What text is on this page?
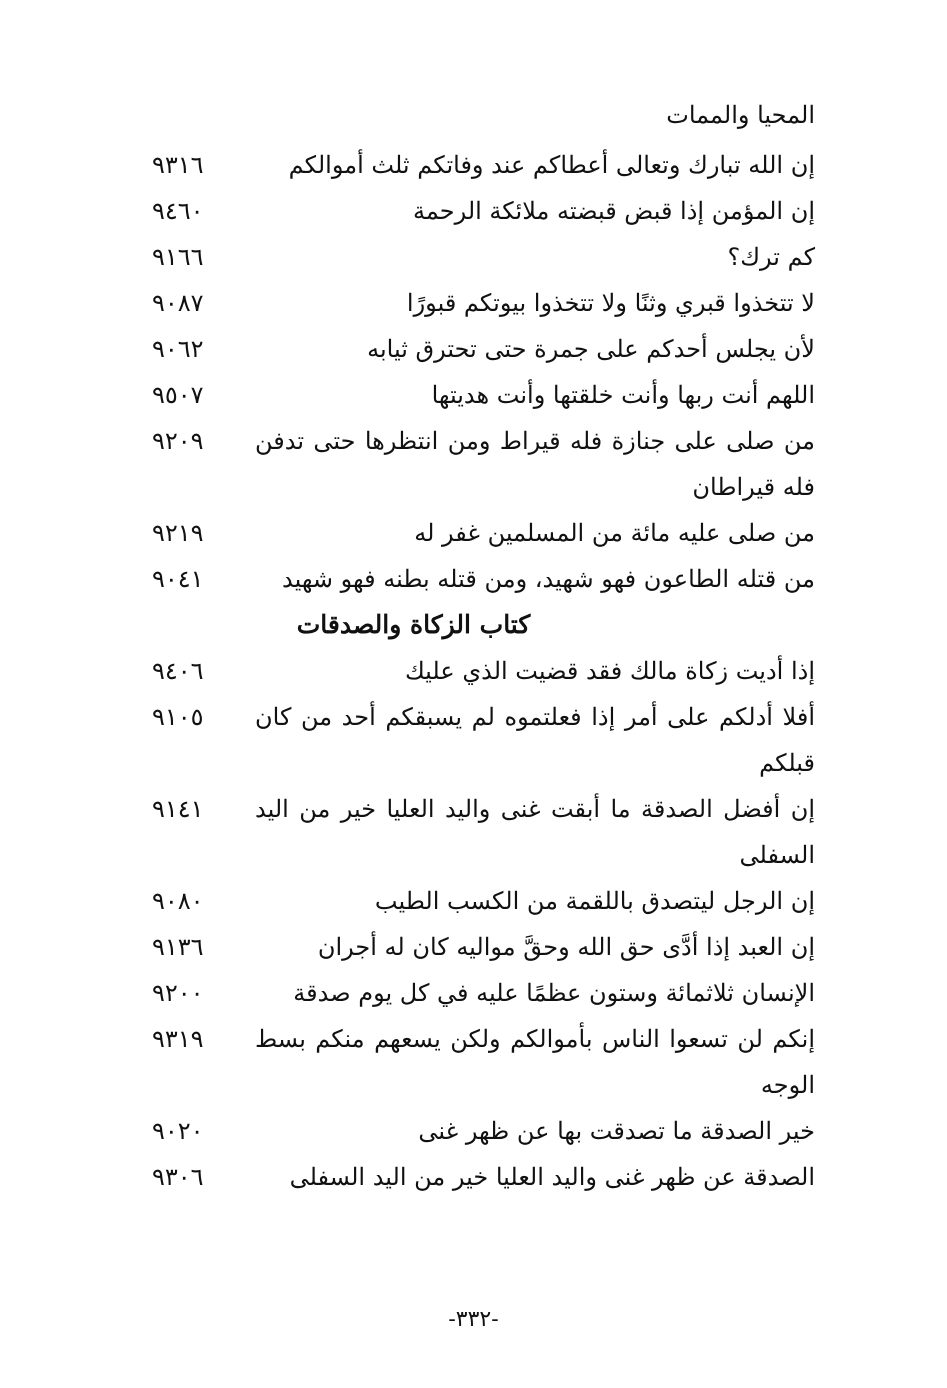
المحيا والممات
إن الله تبارك وتعالى أعطاكم عند وفاتكم ثلث أموالكم
٩٣١٦
إن المؤمن إذا قبض قبضته ملائكة الرحمة
٩٤٦٠
كم ترك؟
٩١٦٦
لا تتخذوا قبري وثنًا ولا تتخذوا بيوتكم قبورًا
٩٠٨٧
لأن يجلس أحدكم على جمرة حتى تحترق ثيابه
٩٠٦٢
اللهم أنت ربها وأنت خلقتها وأنت هديتها
٩٥٠٧
من صلى على جنازة فله قيراط ومن انتظرها حتى تدفن فله قيراطان
٩٢٠٩
من صلى عليه مائة من المسلمين غفر له
٩٢١٩
من قتله الطاعون فهو شهيد، ومن قتله بطنه فهو شهيد
٩٠٤١
كتاب الزكاة والصدقات
إذا أديت زكاة مالك فقد قضيت الذي عليك
٩٤٠٦
أفلا أدلكم على أمر إذا فعلتموه لم يسبقكم أحد من كان قبلكم
٩١٠٥
إن أفضل الصدقة ما أبقت غنى واليد العليا خير من اليد السفلى
٩١٤١
إن الرجل ليتصدق باللقمة من الكسب الطيب
٩٠٨٠
إن العبد إذا أدَّى حق الله وحقَّ مواليه كان له أجران
٩١٣٦
الإنسان ثلاثمائة وستون عظمًا عليه في كل يوم صدقة
٩٢٠٠
إنكم لن تسعوا الناس بأموالكم ولكن يسعهم منكم بسط الوجه
٩٣١٩
خير الصدقة ما تصدقت بها عن ظهر غنى
٩٠٢٠
الصدقة عن ظهر غنى واليد العليا خير من اليد السفلى
٩٣٠٦
-٣٣٢-
